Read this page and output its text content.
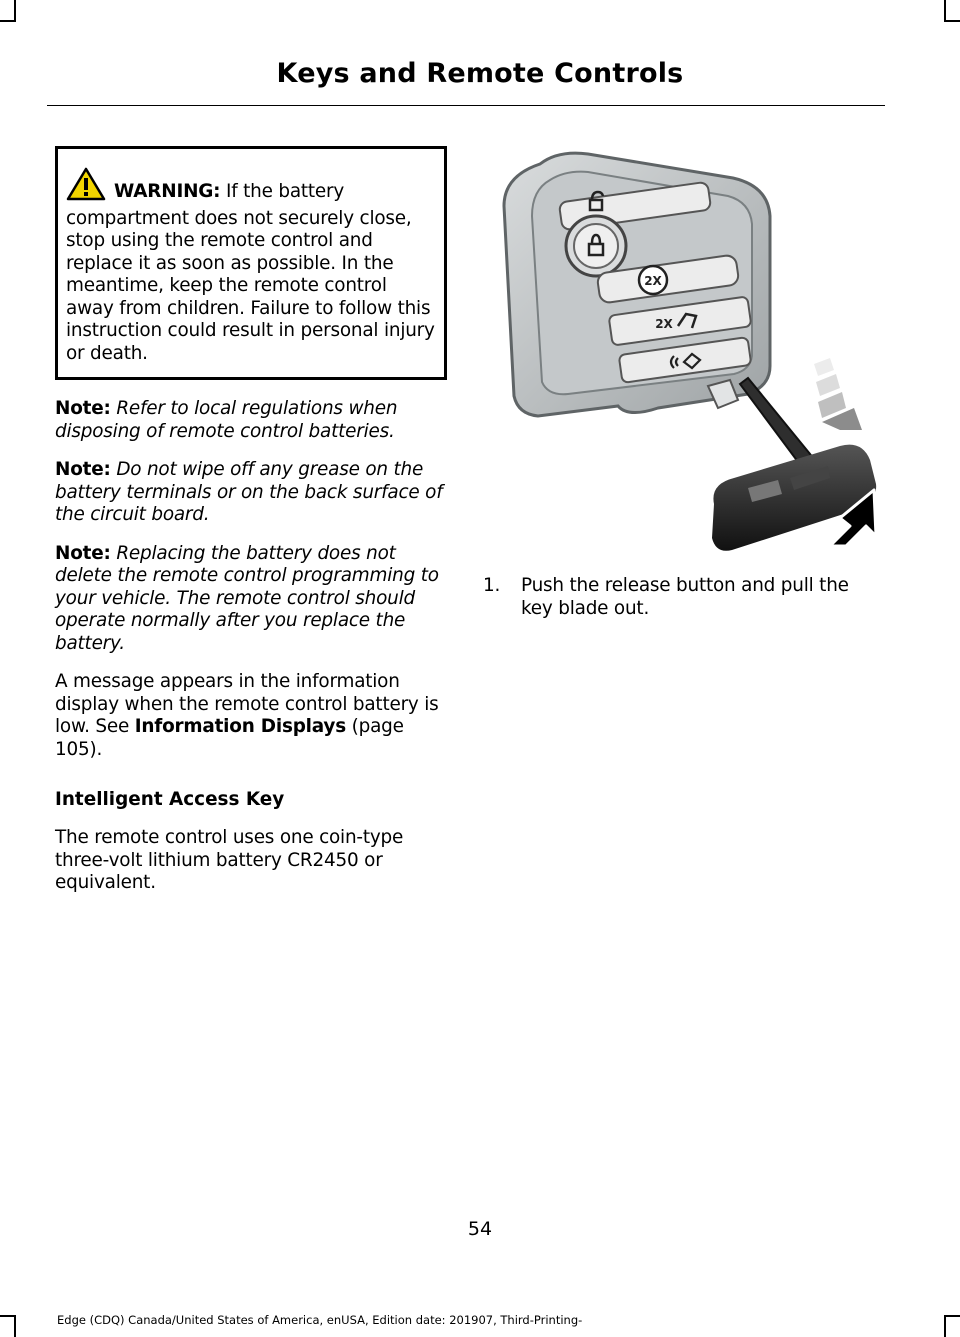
Keys and Remote Controls
WARNING: If the battery compartment does not securely close, stop using the remote control and replace it as soon as possible. In the meantime, keep the remote control away from children. Failure to follow this instruction could result in personal injury or death.

Note: Refer to local regulations when disposing of remote control batteries.

Note: Do not wipe off any grease on the battery terminals or on the back surface of the circuit board.

Note: Replacing the battery does not delete the remote control programming to your vehicle. The remote control should operate normally after you replace the battery.

A message appears in the information display when the remote control battery is low. See Information Displays (page 105).

Intelligent Access Key

The remote control uses one coin-type three-volt lithium battery CR2450 or equivalent.

2X
2X
1. Push the release button and pull the key blade out.
54
Edge (CDQ) Canada/United States of America, enUSA, Edition date: 201907, Third-Printing-
